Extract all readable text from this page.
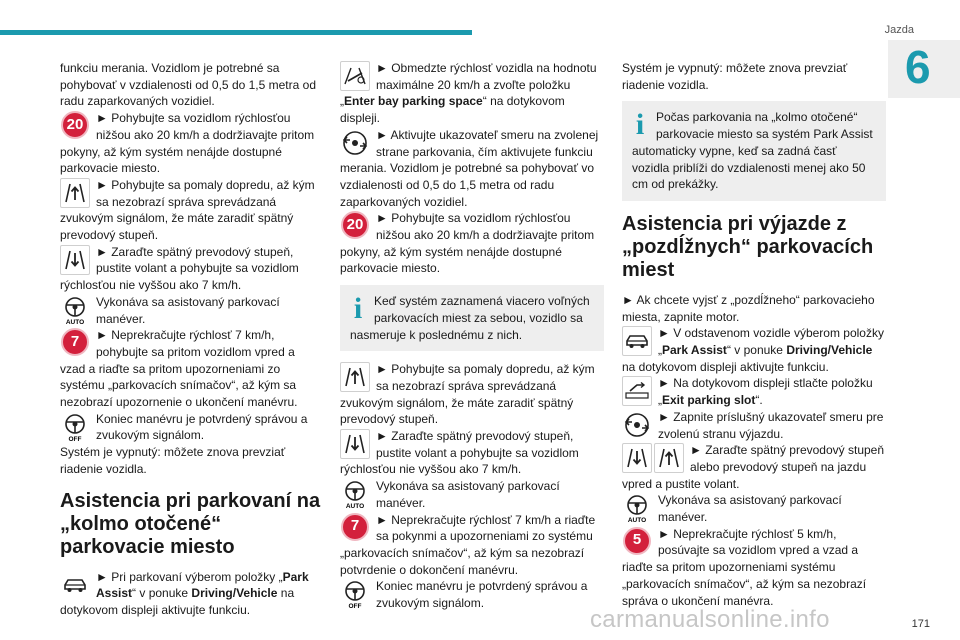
Jazda
6
funkciu merania. Vozidlom je potrebné sa pohybovať v vzdialenosti od 0,5 do 1,5 metra od radu zaparkovaných vozidiel.
20	► Pohybujte sa vozidlom rýchlosťou nižšou ako 20 km/h a dodržiavajte pritom pokyny, až kým systém nenájde dostupné parkovacie miesto.
► Pohybujte sa pomaly dopredu, až kým sa nezobrazí správa sprevádzaná zvukovým signálom, že máte zaradiť spätný prevodový stupeň.
► Zaraďte spätný prevodový stupeň, pustite volant a pohybujte sa vozidlom rýchlosťou nie vyššou ako 7 km/h.
AUTO
Vykonáva sa asistovaný parkovací manéver.
7	► Neprekračujte rýchlosť 7 km/h, pohybujte sa pritom vozidlom vpred a vzad a riaďte sa pritom upozorneniami zo systému „parkovacích snímačov“, až kým sa nezobrazí upozornenie o ukončení manévru.
OFF
Koniec manévru je potvrdený správou a zvukovým signálom.
Systém je vypnutý: môžete znova prevziať riadenie vozidla.
Asistencia pri parkovaní na „kolmo otočené“ parkovacie miesto
► Pri parkovaní výberom položky „Park Assist“ v ponuke Driving/Vehicle na dotykovom displeji aktivujte funkciu.
► Obmedzte rýchlosť vozidla na hodnotu maximálne 20 km/h a zvoľte položku „Enter bay parking space“ na dotykovom displeji.
► Aktivujte ukazovateľ smeru na zvolenej strane parkovania, čím aktivujete funkciu merania. Vozidlom je potrebné sa pohybovať vo vzdialenosti od 0,5 do 1,5 metra od radu zaparkovaných vozidiel.
20	► Pohybujte sa vozidlom rýchlosťou nižšou ako 20 km/h a dodržiavajte pritom pokyny, až kým systém nenájde dostupné parkovacie miesto.
i Keď systém zaznamená viacero voľných parkovacích miest za sebou, vozidlo sa nasmeruje k poslednému z nich.
► Pohybujte sa pomaly dopredu, až kým sa nezobrazí správa sprevádzaná zvukovým signálom, že máte zaradiť spätný prevodový stupeň.
► Zaraďte spätný prevodový stupeň, pustite volant a pohybujte sa vozidlom rýchlosťou nie vyššou ako 7 km/h.
AUTO
Vykonáva sa asistovaný parkovací manéver.
7	► Neprekračujte rýchlosť 7 km/h a riaďte sa pokynmi a upozorneniami zo systému „parkovacích snímačov“, až kým sa nezobrazí potvrdenie o dokončení manévru.
OFF
Koniec manévru je potvrdený správou a zvukovým signálom.
Systém je vypnutý: môžete znova prevziať riadenie vozidla.
i Počas parkovania na „kolmo otočené“ parkovacie miesto sa systém Park Assist automaticky vypne, keď sa zadná časť vozidla priblíži do vzdialenosti menej ako 50 cm od prekážky.
Asistencia pri výjazde z „pozdĺžnych“ parkovacích miest
► Ak chcete vyjsť z „pozdĺžneho“ parkovacieho miesta, zapnite motor.
► V odstavenom vozidle výberom položky „Park Assist“ v ponuke Driving/Vehicle na dotykovom displeji aktivujte funkciu.
► Na dotykovom displeji stlačte položku „Exit parking slot“.
► Zapnite príslušný ukazovateľ smeru pre zvolenú stranu výjazdu.
► Zaraďte spätný prevodový stupeň alebo prevodový stupeň na jazdu vpred a pustite volant.
AUTO
Vykonáva sa asistovaný parkovací manéver.
5	► Neprekračujte rýchlosť 5 km/h, posúvajte sa vozidlom vpred a vzad a riaďte sa pritom upozorneniami systému „parkovacích snímačov“, až kým sa nezobrazí správa o ukončení manévra.
carmanualsonline.info	171
